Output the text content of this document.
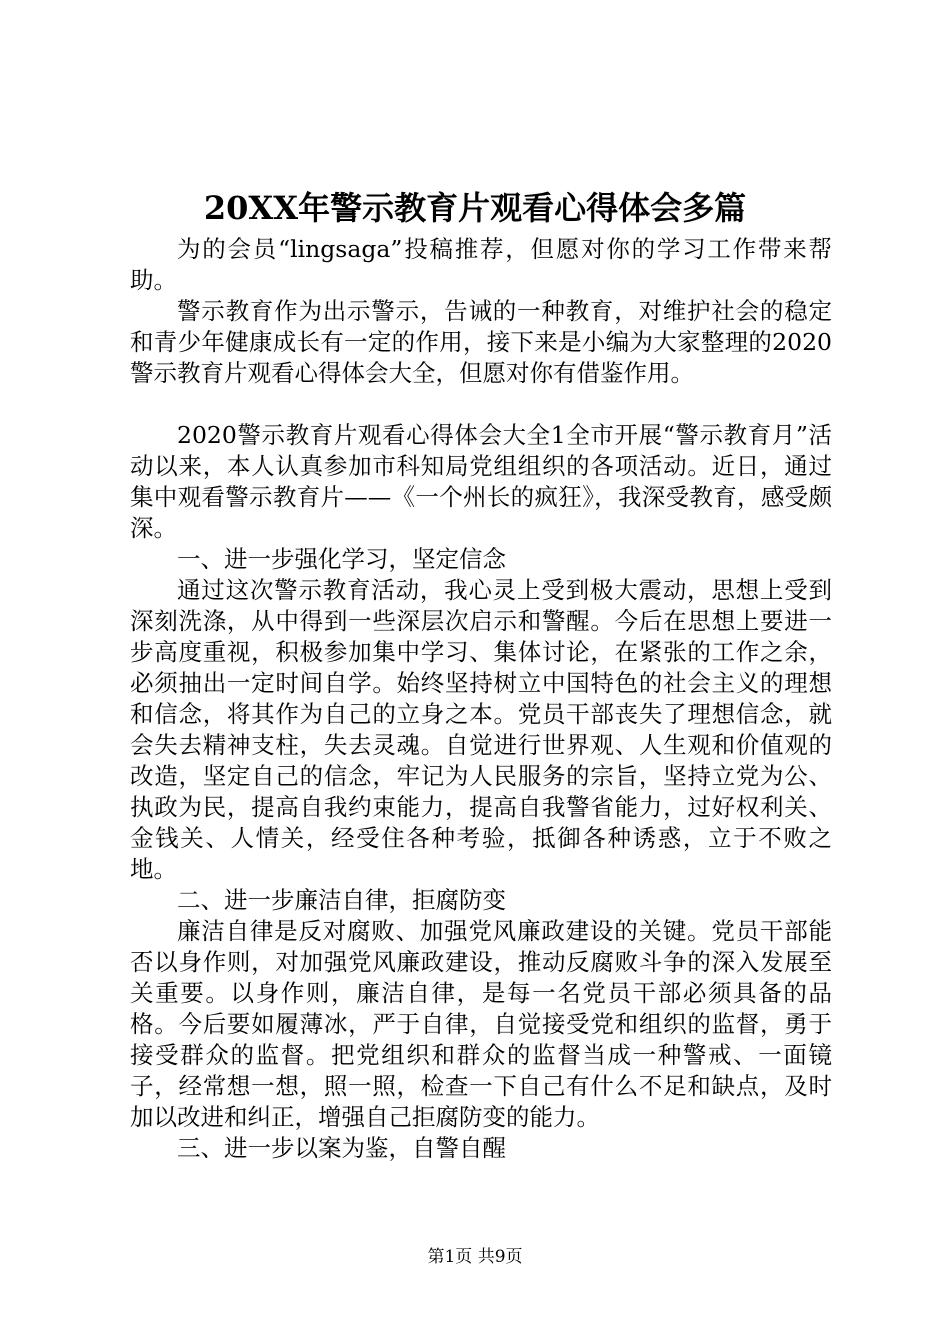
20XX年警示教育片观看心得体会多篇

为的会员“lingsaga”投稿推荐，但愿对你的学习工作带来帮助。

警示教育作为出示警示，告诫的一种教育，对维护社会的稳定和青少年健康成长有一定的作用，接下来是小编为大家整理的2020警示教育片观看心得体会大全，但愿对你有借鉴作用。

2020警示教育片观看心得体会大全1全市开展“警示教育月”活动以来，本人认真参加市科知局党组组织的各项活动。近日，通过集中观看警示教育片——《一个州长的疯狂》，我深受教育，感受颇深。

一、进一步强化学习，坚定信念

通过这次警示教育活动，我心灵上受到极大震动，思想上受到深刻洗涤，从中得到一些深层次启示和警醒。今后在思想上要进一步高度重视，积极参加集中学习、集体讨论，在紧张的工作之余，必须抽出一定时间自学。始终坚持树立中国特色的社会主义的理想和信念，将其作为自己的立身之本。党员干部丧失了理想信念，就会失去精神支柱，失去灵魂。自觉进行世界观、人生观和价值观的改造，坚定自己的信念，牢记为人民服务的宗旨，坚持立党为公、执政为民，提高自我约束能力，提高自我警省能力，过好权利关、金钱关、人情关，经受住各种考验，抵御各种诱惑，立于不败之地。

二、进一步廉洁自律，拒腐防变

廉洁自律是反对腐败、加强党风廉政建设的关键。党员干部能否以身作则，对加强党风廉政建设，推动反腐败斗争的深入发展至关重要。以身作则，廉洁自律，是每一名党员干部必须具备的品格。今后要如履薄冰，严于自律，自觉接受党和组织的监督，勇于接受群众的监督。把党组织和群众的监督当成一种警戒、一面镜子，经常想一想，照一照，检查一下自己有什么不足和缺点，及时加以改进和纠正，增强自己拒腐防变的能力。

三、进一步以案为鉴，自警自醒

第1页 共9页
